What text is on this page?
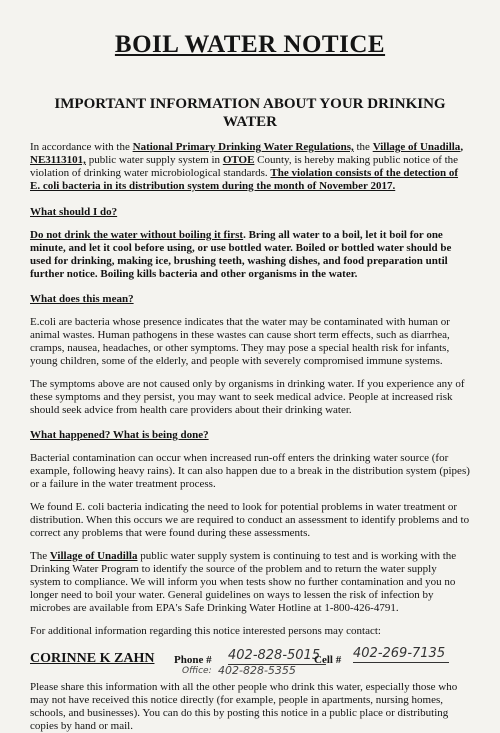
BOIL WATER NOTICE
IMPORTANT INFORMATION ABOUT YOUR DRINKING WATER

In accordance with the National Primary Drinking Water Regulations, the Village of Unadilla, NE3113101, public water supply system in OTOE County, is hereby making public notice of the violation of drinking water microbiological standards. The violation consists of the detection of E. coli bacteria in its distribution system during the month of November 2017.

What should I do?

Do not drink the water without boiling it first. Bring all water to a boil, let it boil for one minute, and let it cool before using, or use bottled water. Boiled or bottled water should be used for drinking, making ice, brushing teeth, washing dishes, and food preparation until further notice. Boiling kills bacteria and other organisms in the water.

What does this mean?

E.coli are bacteria whose presence indicates that the water may be contaminated with human or animal wastes. Human pathogens in these wastes can cause short term effects, such as diarrhea, cramps, nausea, headaches, or other symptoms. They may pose a special health risk for infants, young children, some of the elderly, and people with severely compromised immune systems.

The symptoms above are not caused only by organisms in drinking water. If you experience any of these symptoms and they persist, you may want to seek medical advice. People at increased risk should seek advice from health care providers about their drinking water.

What happened? What is being done?

Bacterial contamination can occur when increased run-off enters the drinking water source (for example, following heavy rains). It can also happen due to a break in the distribution system (pipes) or a failure in the water treatment process.

We found E. coli bacteria indicating the need to look for potential problems in water treatment or distribution. When this occurs we are required to conduct an assessment to identify problems and to correct any problems that were found during these assessments.

The Village of Unadilla public water supply system is continuing to test and is working with the Drinking Water Program to identify the source of the problem and to return the water supply system to compliance. We will inform you when tests show no further contamination and you no longer need to boil your water. General guidelines on ways to lessen the risk of infection by microbes are available from EPA's Safe Drinking Water Hotline at 1-800-426-4791.

For additional information regarding this notice interested persons may contact:

CORINNE K ZAHN Phone # 402-828-5015
Cell # 402-269-7135
Office: 402-828-5355

Please share this information with all the other people who drink this water, especially those who may not have received this notice directly (for example, people in apartments, nursing homes, schools, and businesses). You can do this by posting this notice in a public place or distributing copies by hand or mail.
